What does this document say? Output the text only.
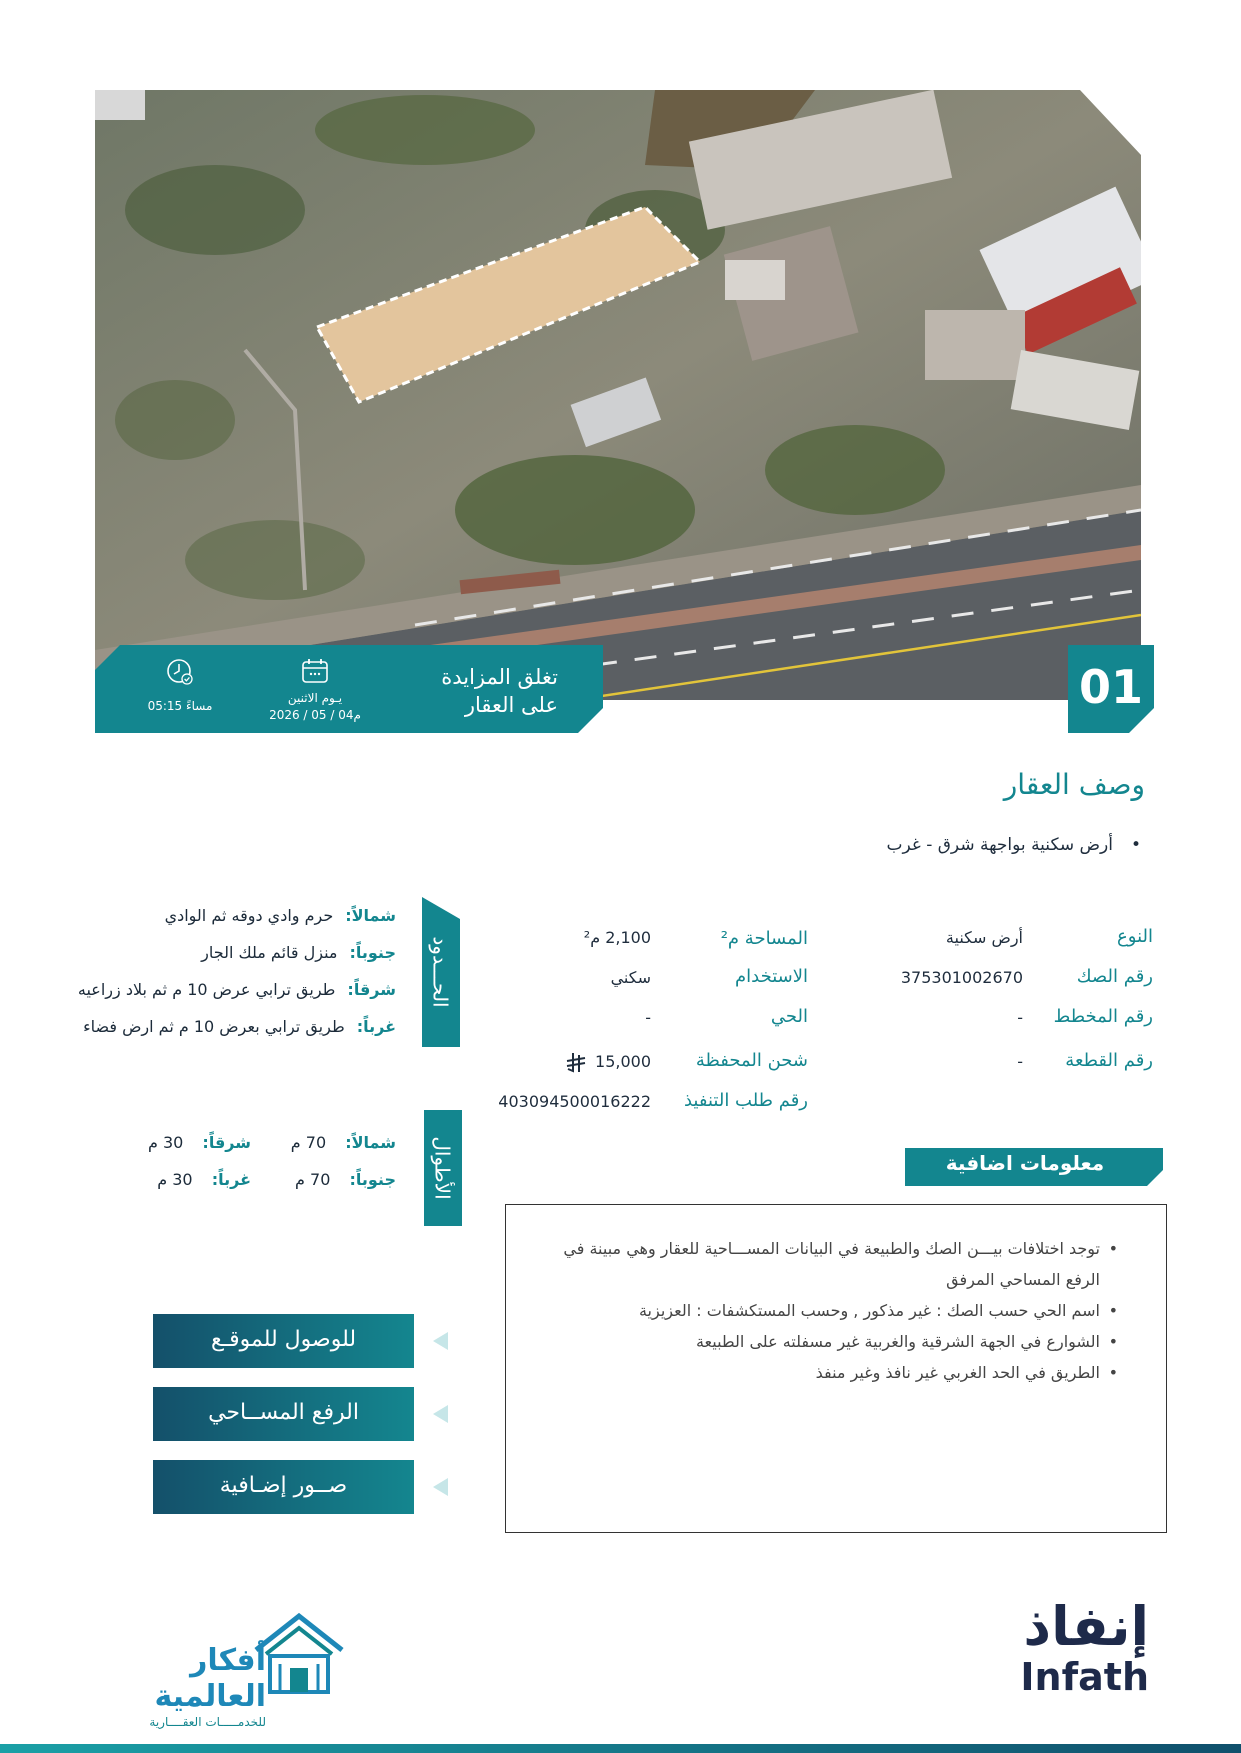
تغلق المزايدة
على العقار
يـوم الاثنين
2026 / 05 / 04م
05:15 مساءً	01
وصف العقار
• أرض سكنية بواجهة شرق - غرب
النوع
أرض سكنية
رقم الصك
375301002670
رقم المخطط
-
رقم القطعة
-
المساحة م²
2,100 م²
الاستخدام
سكني
الحي
-
شحن المحفظة
15,000
رقم طلب التنفيذ
403094500016222
الحـــدود
شمالاً:حرم وادي دوقه ثم الوادي
جنوباً:منزل قائم ملك الجار
شرقاً:طريق ترابي عرض 10 م ثم بلاد زراعيه
غرباً:طريق ترابي بعرض 10 م ثم ارض فضاء
الأطوال
شمالاً: 70 م
جنوباً: 70 م
شرقاً: 30 م
غرباً: 30 م
معلومات اضافية
• توجد اختلافات بيـــن الصك والطبيعة في البيانات المســـاحية للعقار وهي مبينة في الرفع المساحي المرفق
• اسم الحي حسب الصك : غير مذكور , وحسب المستكشفات : العزيزية
• الشوارع في الجهة الشرقية والغربية غير مسفلته على الطبيعة
• الطريق في الحد الغربي غير نافذ وغير منفذ
للوصول للموقـع
الرفع المســاحي
صــور إضـافية
إنفاذ
Infath
أفكار العالمية
للخدمـــــات العقــــارية
